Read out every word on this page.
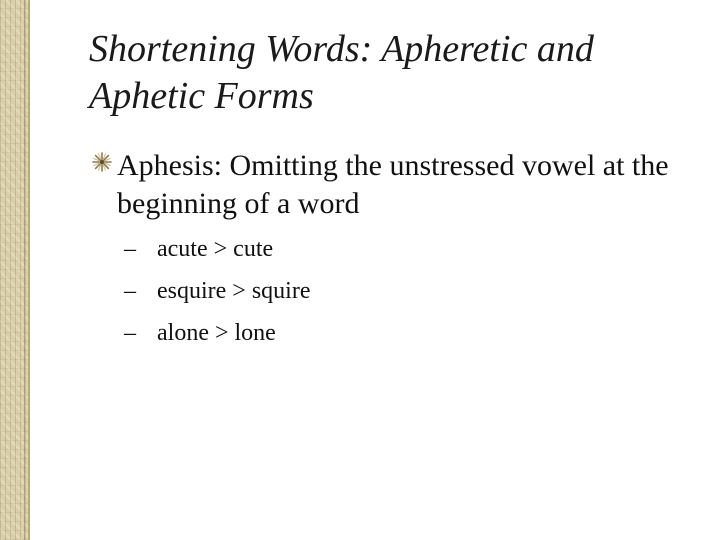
Shortening Words: Apheretic and Aphetic Forms

Aphesis: Omitting the unstressed vowel at the beginning of a word

– acute > cute
– esquire > squire
– alone > lone
